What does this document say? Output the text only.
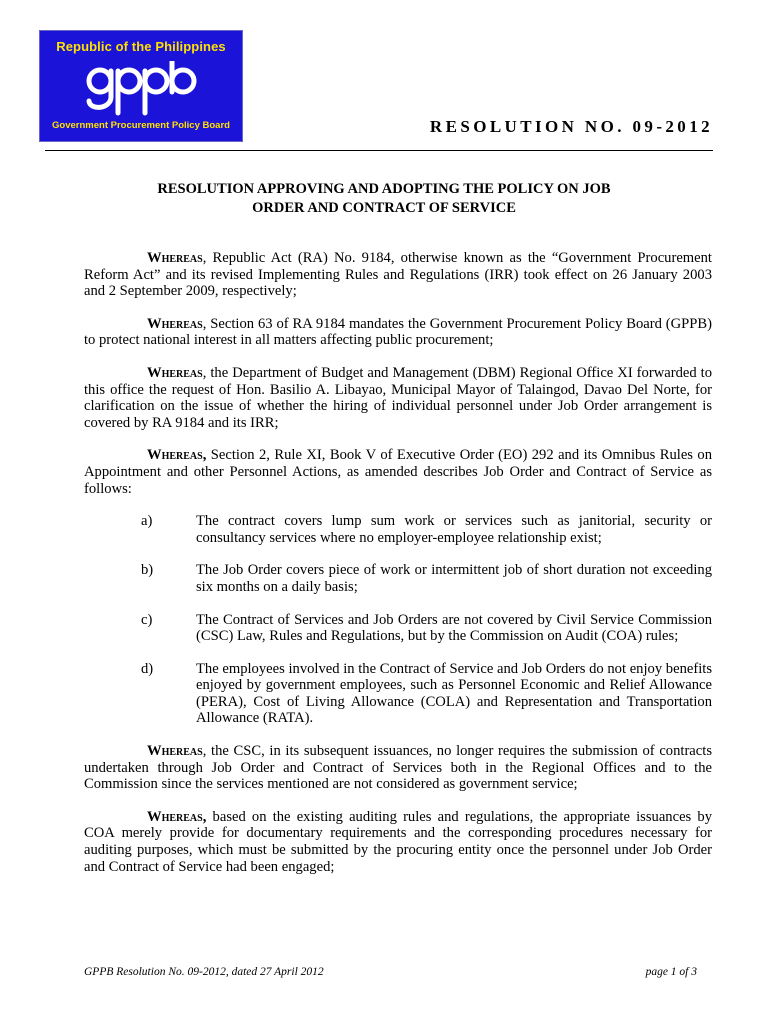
Republic of the Philippines
Government Procurement Policy Board	RESOLUTION NO. 09-2012
RESOLUTION APPROVING AND ADOPTING THE POLICY ON JOB
ORDER AND CONTRACT OF SERVICE

Whereas, Republic Act (RA) No. 9184, otherwise known as the “Government Procurement Reform Act” and its revised Implementing Rules and Regulations (IRR) took effect on 26 January 2003 and 2 September 2009, respectively;

Whereas, Section 63 of RA 9184 mandates the Government Procurement Policy Board (GPPB) to protect national interest in all matters affecting public procurement;

Whereas, the Department of Budget and Management (DBM) Regional Office XI forwarded to this office the request of Hon. Basilio A. Libayao, Municipal Mayor of Talaingod, Davao Del Norte, for clarification on the issue of whether the hiring of individual personnel under Job Order arrangement is covered by RA 9184 and its IRR;

Whereas, Section 2, Rule XI, Book V of Executive Order (EO) 292 and its Omnibus Rules on Appointment and other Personnel Actions, as amended describes Job Order and Contract of Service as follows:

a)	The contract covers lump sum work or services such as janitorial, security or consultancy services where no employer-employee relationship exist;
b)	The Job Order covers piece of work or intermittent job of short duration not exceeding six months on a daily basis;
c)	The Contract of Services and Job Orders are not covered by Civil Service Commission (CSC) Law, Rules and Regulations, but by the Commission on Audit (COA) rules;
d)	The employees involved in the Contract of Service and Job Orders do not enjoy benefits enjoyed by government employees, such as Personnel Economic and Relief Allowance (PERA), Cost of Living Allowance (COLA) and Representation and Transportation Allowance (RATA).

Whereas, the CSC, in its subsequent issuances, no longer requires the submission of contracts undertaken through Job Order and Contract of Services both in the Regional Offices and to the Commission since the services mentioned are not considered as government service;

Whereas, based on the existing auditing rules and regulations, the appropriate issuances by COA merely provide for documentary requirements and the corresponding procedures necessary for auditing purposes, which must be submitted by the procuring entity once the personnel under Job Order and Contract of Service had been engaged;

GPPB Resolution No. 09-2012, dated 27 April 2012	page 1 of 3
